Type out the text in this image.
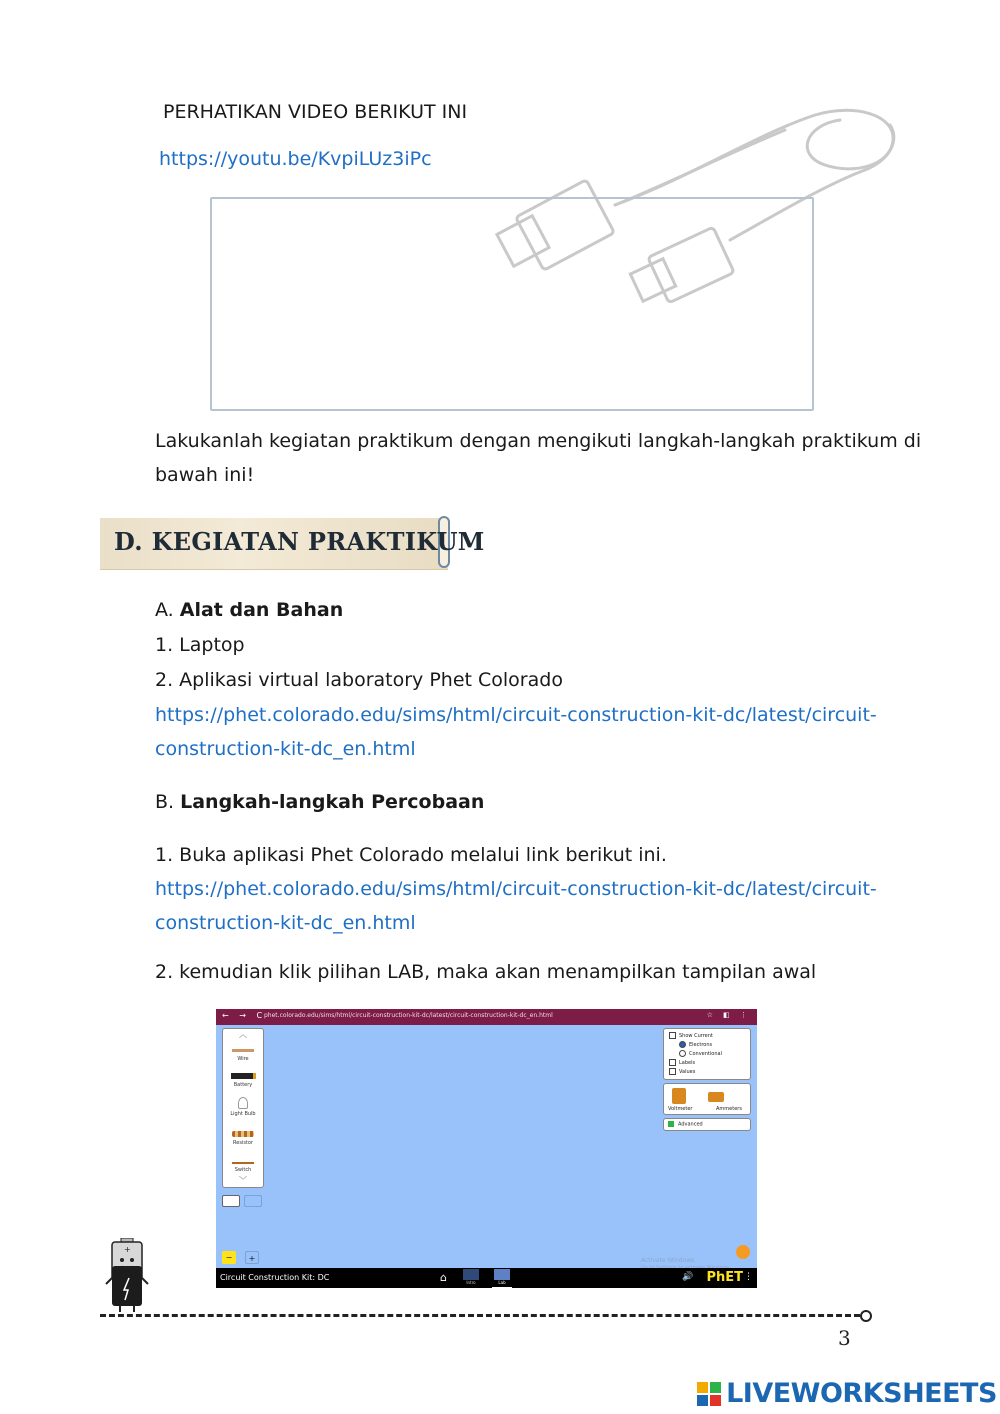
PERHATIKAN VIDEO BERIKUT INI
https://youtu.be/KvpiLUz3iPc
Lakukanlah kegiatan praktikum dengan mengikuti langkah-langkah praktikum di
bawah ini!
D. KEGIATAN PRAKTIKUM
A. Alat dan Bahan
1. Laptop
2. Aplikasi virtual laboratory Phet Colorado
https://phet.colorado.edu/sims/html/circuit-construction-kit-dc/latest/circuit-
construction-kit-dc_en.html
B. Langkah-langkah Percobaan
1. Buka aplikasi Phet Colorado melalui link berikut ini.
https://phet.colorado.edu/sims/html/circuit-construction-kit-dc/latest/circuit-
construction-kit-dc_en.html
2. kemudian klik pilihan LAB, maka akan menampilkan tampilan awal
← → C
phet.colorado.edu/sims/html/circuit-construction-kit-dc/latest/circuit-construction-kit-dc_en.html	☆ ◧ ⋮
︿
Wire
Battery
Light Bulb
Resistor
Switch
﹀
Show Current
Electrons
Conventional
Labels
Values
Voltmeter	Ammeters
Advanced
−	+	Activate Windows
Circuit Construction Kit: DC	⌂	Intro	Lab
🔊 PhET ⋮
+
3
LIVEWORKSHEETS
